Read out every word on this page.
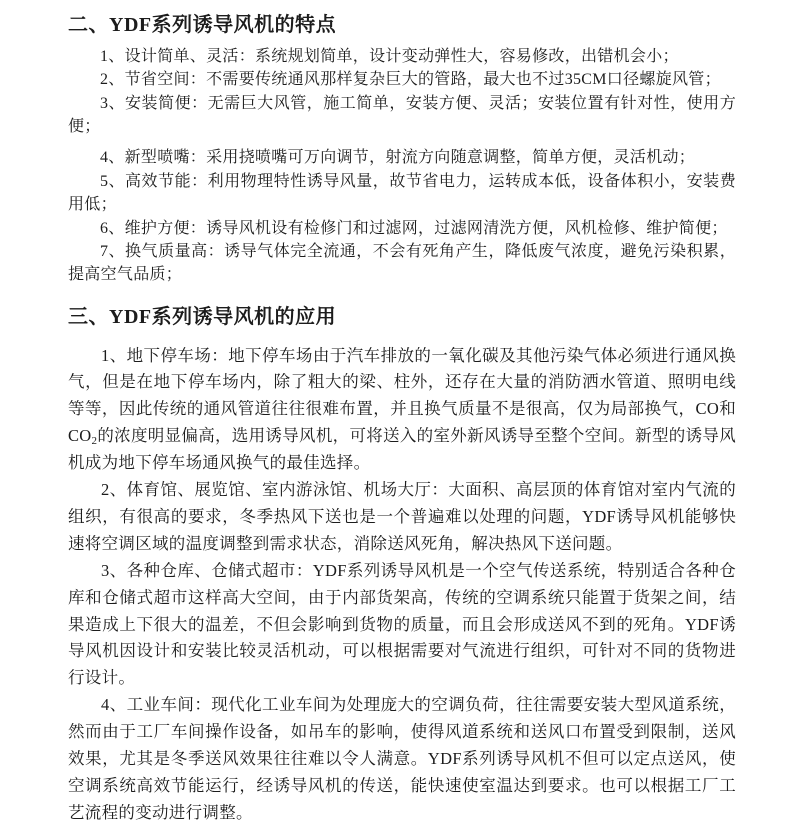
二、YDF系列诱导风机的特点

1、设计简单、灵活：系统规划简单，设计变动弹性大，容易修改，出错机会小；

2、节省空间：不需要传统通风那样复杂巨大的管路，最大也不过35CM口径螺旋风管；

3、安装简便：无需巨大风管，施工简单，安装方便、灵活；安装位置有针对性，使用方便；

4、新型喷嘴：采用挠喷嘴可万向调节，射流方向随意调整，简单方便，灵活机动；

5、高效节能：利用物理特性诱导风量，故节省电力，运转成本低，设备体积小，安装费用低；

6、维护方便：诱导风机设有检修门和过滤网，过滤网清洗方便，风机检修、维护简便；

7、换气质量高：诱导气体完全流通，不会有死角产生，降低废气浓度，避免污染积累，提高空气品质；

三、YDF系列诱导风机的应用

1、地下停车场：地下停车场由于汽车排放的一氧化碳及其他污染气体必须进行通风换气，但是在地下停车场内，除了粗大的梁、柱外，还存在大量的消防洒水管道、照明电线等等，因此传统的通风管道往往很难布置，并且换气质量不是很高，仅为局部换气，CO和$CO_2$的浓度明显偏高，选用诱导风机，可将送入的室外新风诱导至整个空间。新型的诱导风机成为地下停车场通风换气的最佳选择。

2、体育馆、展览馆、室内游泳馆、机场大厅：大面积、高层顶的体育馆对室内气流的组织，有很高的要求，冬季热风下送也是一个普遍难以处理的问题，YDF诱导风机能够快速将空调区域的温度调整到需求状态，消除送风死角，解决热风下送问题。

3、各种仓库、仓储式超市：YDF系列诱导风机是一个空气传送系统，特别适合各种仓库和仓储式超市这样高大空间，由于内部货架高，传统的空调系统只能置于货架之间，结果造成上下很大的温差，不但会影响到货物的质量，而且会形成送风不到的死角。YDF诱导风机因设计和安装比较灵活机动，可以根据需要对气流进行组织，可针对不同的货物进行设计。

4、工业车间：现代化工业车间为处理庞大的空调负荷，往往需要安装大型风道系统，然而由于工厂车间操作设备，如吊车的影响，使得风道系统和送风口布置受到限制，送风效果，尤其是冬季送风效果往往难以令人满意。YDF系列诱导风机不但可以定点送风，使空调系统高效节能运行，经诱导风机的传送，能快速使室温达到要求。也可以根据工厂工艺流程的变动进行调整。
